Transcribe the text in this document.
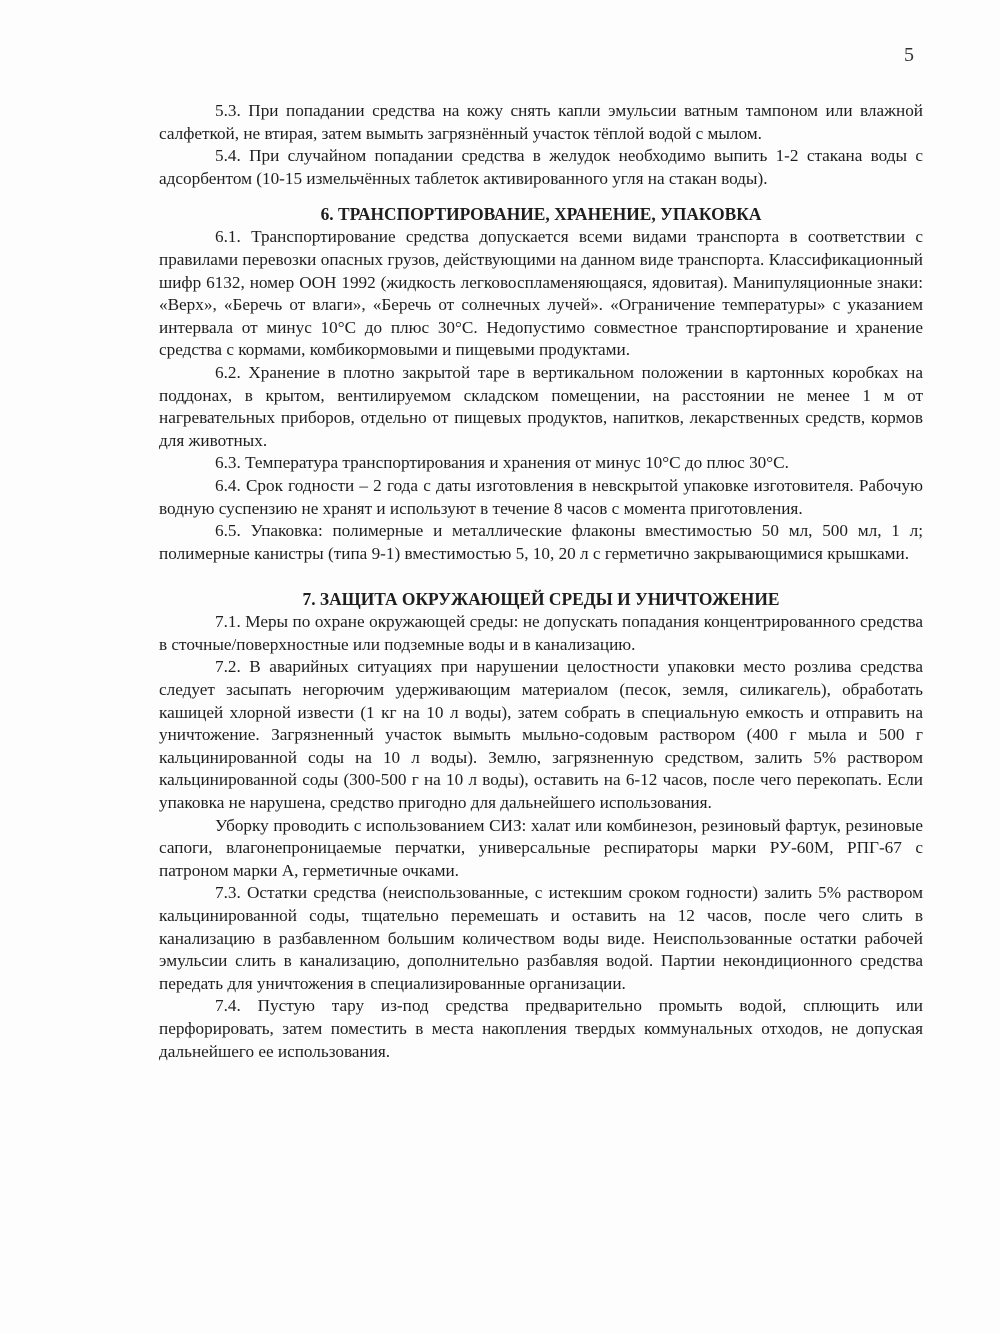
5

5.3. При попадании средства на кожу снять капли эмульсии ватным тампоном или влажной салфеткой, не втирая, затем вымыть загрязнённый участок тёплой водой с мылом.

5.4. При случайном попадании средства в желудок необходимо выпить 1-2 стакана воды с адсорбентом (10-15 измельчённых таблеток активированного угля на стакан воды).

6. ТРАНСПОРТИРОВАНИЕ, ХРАНЕНИЕ, УПАКОВКА

6.1. Транспортирование средства допускается всеми видами транспорта в соответствии с правилами перевозки опасных грузов, действующими на данном виде транспорта. Классификационный шифр 6132, номер ООН 1992 (жидкость легковоспламеняющаяся, ядовитая). Манипуляционные знаки: «Верх», «Беречь от влаги», «Беречь от солнечных лучей». «Ограничение температуры» с указанием интервала от минус 10°С до плюс 30°С. Недопустимо совместное транспортирование и хранение средства с кормами, комбикормовыми и пищевыми продуктами.

6.2. Хранение в плотно закрытой таре в вертикальном положении в картонных коробках на поддонах, в крытом, вентилируемом складском помещении, на расстоянии не менее 1 м от нагревательных приборов, отдельно от пищевых продуктов, напитков, лекарственных средств, кормов для животных.

6.3. Температура транспортирования и хранения от минус 10°С до плюс 30°С.

6.4. Срок годности – 2 года с даты изготовления в невскрытой упаковке изготовителя. Рабочую водную суспензию не хранят и используют в течение 8 часов с момента приготовления.

6.5. Упаковка: полимерные и металлические флаконы вместимостью 50 мл, 500 мл, 1 л; полимерные канистры (типа 9-1) вместимостью 5, 10, 20 л с герметично закрывающимися крышками.

7. ЗАЩИТА ОКРУЖАЮЩЕЙ СРЕДЫ И УНИЧТОЖЕНИЕ

7.1. Меры по охране окружающей среды: не допускать попадания концентрированного средства в сточные/поверхностные или подземные воды и в канализацию.

7.2. В аварийных ситуациях при нарушении целостности упаковки место розлива средства следует засыпать негорючим удерживающим материалом (песок, земля, силикагель), обработать кашицей хлорной извести (1 кг на 10 л воды), затем собрать в специальную емкость и отправить на уничтожение. Загрязненный участок вымыть мыльно-содовым раствором (400 г мыла и 500 г кальцинированной соды на 10 л воды). Землю, загрязненную средством, залить 5% раствором кальцинированной соды (300-500 г на 10 л воды), оставить на 6-12 часов, после чего перекопать. Если упаковка не нарушена, средство пригодно для дальнейшего использования.

Уборку проводить с использованием СИЗ: халат или комбинезон, резиновый фартук, резиновые сапоги, влагонепроницаемые перчатки, универсальные респираторы марки РУ-60М, РПГ-67 с патроном марки А, герметичные очками.

7.3. Остатки средства (неиспользованные, с истекшим сроком годности) залить 5% раствором кальцинированной соды, тщательно перемешать и оставить на 12 часов, после чего слить в канализацию в разбавленном большим количеством воды виде. Неиспользованные остатки рабочей эмульсии слить в канализацию, дополнительно разбавляя водой. Партии некондиционного средства передать для уничтожения в специализированные организации.

7.4. Пустую тару из-под средства предварительно промыть водой, сплющить или перфорировать, затем поместить в места накопления твердых коммунальных отходов, не допуская дальнейшего ее использования.
